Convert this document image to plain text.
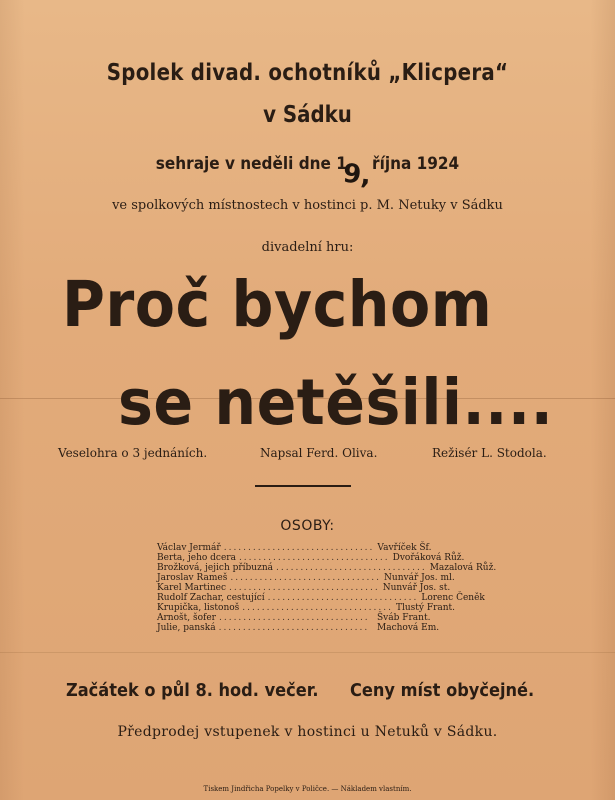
Spolek divad. ochotníků „Klicpera“
v Sádku
sehraje v neděli dne 1 října 1924
9,
ve spolkových místnostech v hostinci p. M. Netuky v Sádku
divadelní hru:
Proč bychom
se netěšili....
Veselohra o 3 jednáních.	Napsal Ferd. Oliva.	Režisér L. Stodola.
OSOBY:
Václav Jermář ............................... Vavříček Šf.
Berta, jeho dcera ............................... Dvořáková Růž.
Brožková, jejich příbuzná ............................... Mazalová Růž.
Jaroslav Rameš ............................... Nunvář Jos. ml.
Karel Martinec ............................... Nunvář Jos. st.
Rudolf Zachar, cestující ............................... Lorenc Čeněk
Krupička, listonoš ............................... Tlustý Frant.
Arnošt, šofer ............................... Šváb Frant.
Julie, panská ............................... Machová Em.
Začátek o půl 8. hod. večer. Ceny míst obyčejné.
Předprodej vstupenek v hostinci u Netuků v Sádku.
Tiskem Jindřicha Popelky v Poličce. — Nákladem vlastním.
